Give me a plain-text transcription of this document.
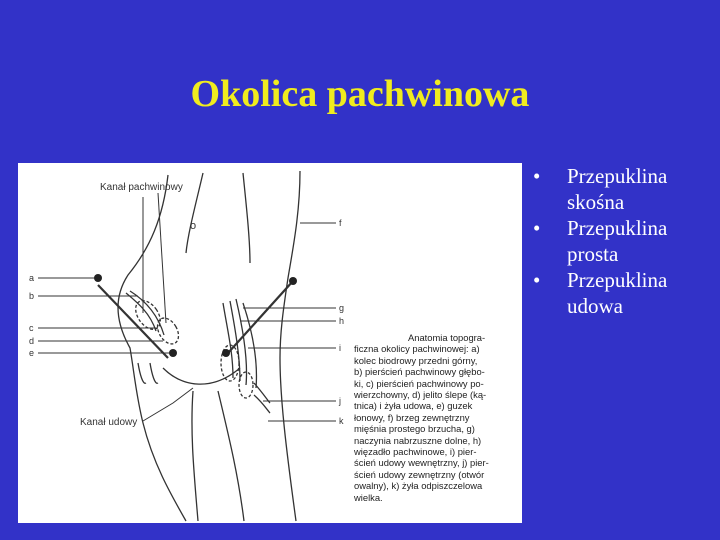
Okolica pachwinowa
Kanał pachwinowy
Kanał udowy
o
a
b
c
d
e
f
g
h
i
j
k

Anatomia topogra-
ficzna okolicy pachwinowej: a)
kolec biodrowy przedni górny,
b) pierścień pachwinowy głębo-
ki, c) pierścień pachwinowy po-
wierzchowny, d) jelito ślepe (ką-
tnica) i żyła udowa, e) guzek
łonowy, f) brzeg zewnętrzny
mięśnia prostego brzucha, g)
naczynia nabrzuszne dolne, h)
więzadło pachwinowe, i) pier-
ścień udowy wewnętrzny, j) pier-
ścień udowy zewnętrzny (otwór
owalny), k) żyła odpiszczelowa
wielka.

•	Przepuklina skośna
•	Przepuklina prosta
•	Przepuklina udowa
